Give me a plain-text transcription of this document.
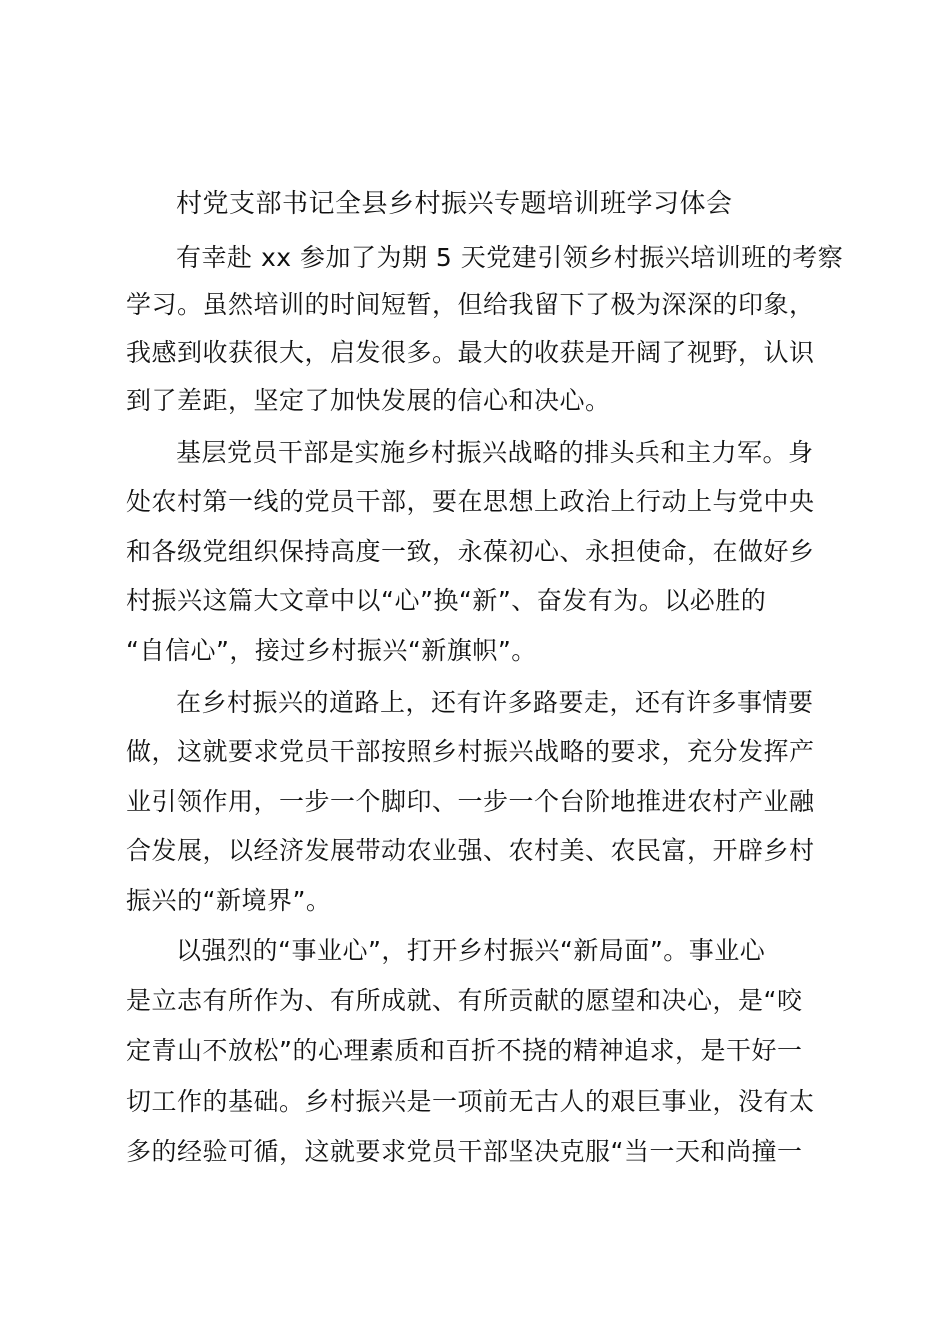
村党支部书记全县乡村振兴专题培训班学习体会
有幸赴 xx 参加了为期 5 天党建引领乡村振兴培训班的考察
学习。虽然培训的时间短暂，但给我留下了极为深深的印象，
我感到收获很大，启发很多。最大的收获是开阔了视野，认识
到了差距，坚定了加快发展的信心和决心。
基层党员干部是实施乡村振兴战略的排头兵和主力军。身
处农村第一线的党员干部，要在思想上政治上行动上与党中央
和各级党组织保持高度一致，永葆初心、永担使命，在做好乡
村振兴这篇大文章中以“心”换“新”、奋发有为。以必胜的
“自信心”，接过乡村振兴“新旗帜”。
在乡村振兴的道路上，还有许多路要走，还有许多事情要
做，这就要求党员干部按照乡村振兴战略的要求，充分发挥产
业引领作用，一步一个脚印、一步一个台阶地推进农村产业融
合发展，以经济发展带动农业强、农村美、农民富，开辟乡村
振兴的“新境界”。
以强烈的“事业心”，打开乡村振兴“新局面”。事业心
是立志有所作为、有所成就、有所贡献的愿望和决心，是“咬
定青山不放松”的心理素质和百折不挠的精神追求，是干好一
切工作的基础。乡村振兴是一项前无古人的艰巨事业，没有太
多的经验可循，这就要求党员干部坚决克服“当一天和尚撞一
